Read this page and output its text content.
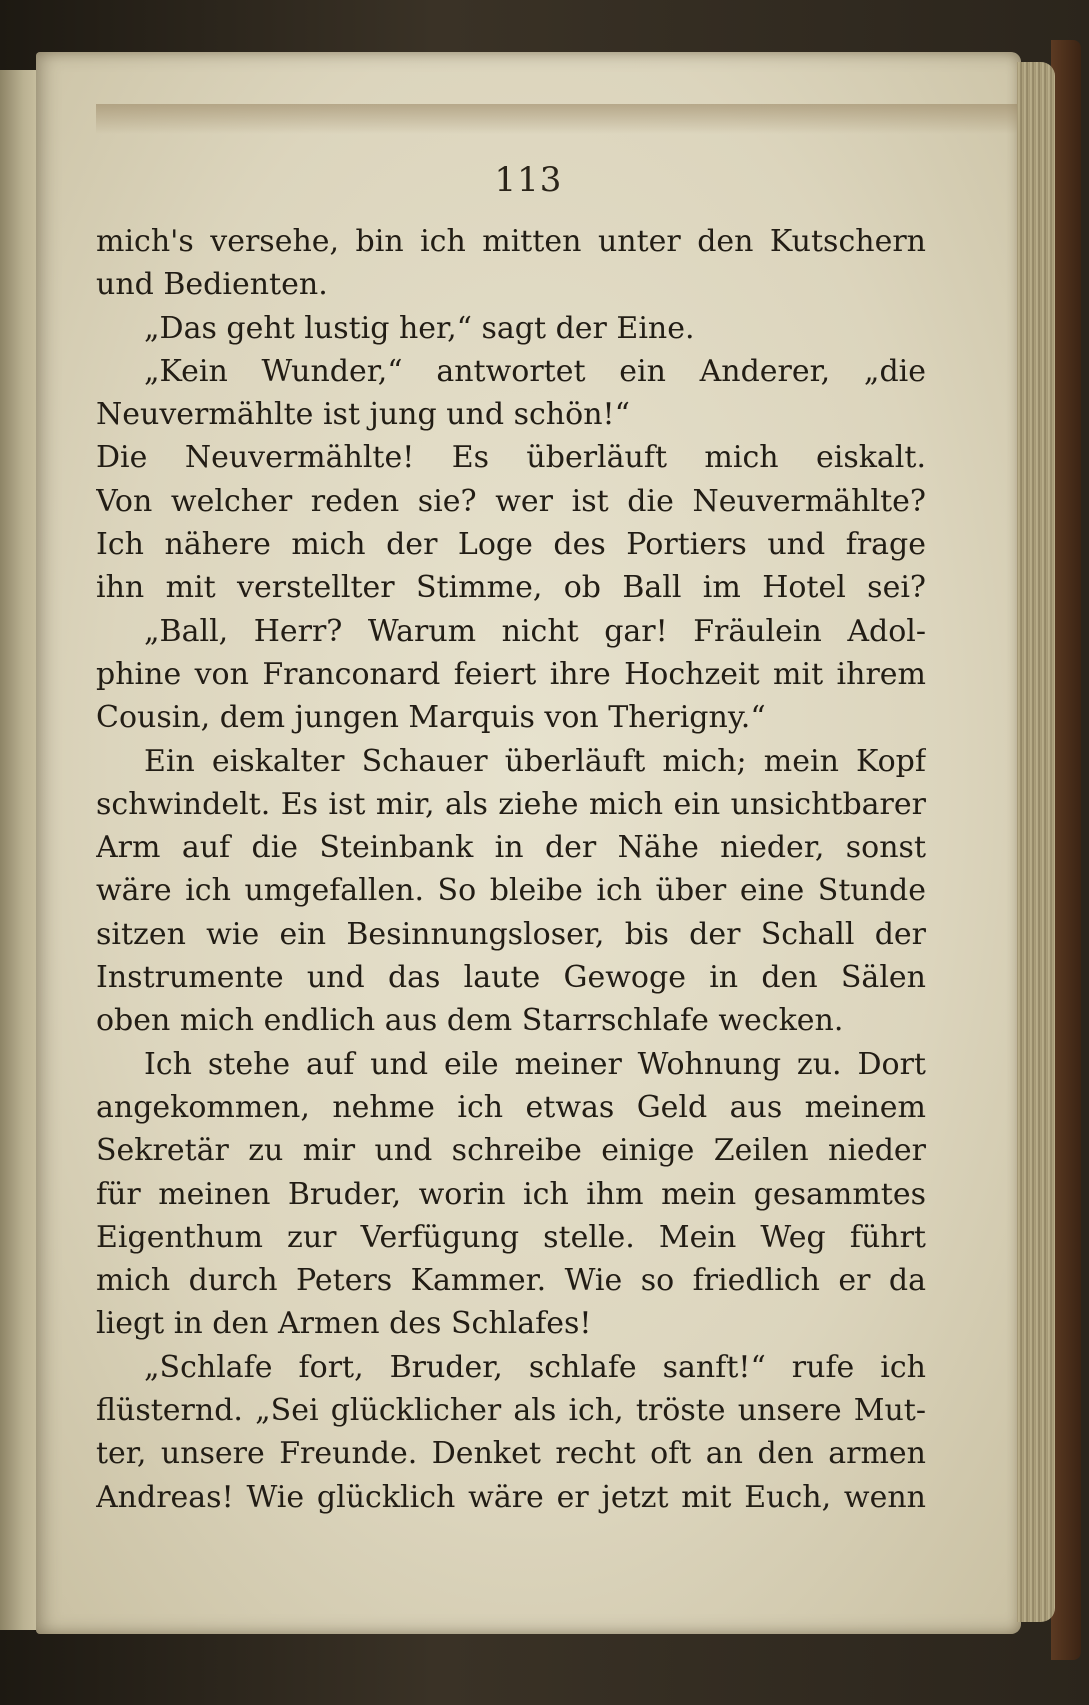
113
mich's versehe, bin ich mitten unter den Kutschern
und Bedienten.
„Das geht lustig her,“ sagt der Eine.
„Kein Wunder,“ antwortet ein Anderer, „die
Neuvermählte ist jung und schön!“
Die Neuvermählte! Es überläuft mich eiskalt.
Von welcher reden sie? wer ist die Neuvermählte?
Ich nähere mich der Loge des Portiers und frage
ihn mit verstellter Stimme, ob Ball im Hotel sei?
„Ball, Herr? Warum nicht gar! Fräulein Adol-
phine von Franconard feiert ihre Hochzeit mit ihrem
Cousin, dem jungen Marquis von Therigny.“
Ein eiskalter Schauer überläuft mich; mein Kopf
schwindelt. Es ist mir, als ziehe mich ein unsichtbarer
Arm auf die Steinbank in der Nähe nieder, sonst
wäre ich umgefallen. So bleibe ich über eine Stunde
sitzen wie ein Besinnungsloser, bis der Schall der
Instrumente und das laute Gewoge in den Sälen
oben mich endlich aus dem Starrschlafe wecken.
Ich stehe auf und eile meiner Wohnung zu. Dort
angekommen, nehme ich etwas Geld aus meinem
Sekretär zu mir und schreibe einige Zeilen nieder
für meinen Bruder, worin ich ihm mein gesammtes
Eigenthum zur Verfügung stelle. Mein Weg führt
mich durch Peters Kammer. Wie so friedlich er da
liegt in den Armen des Schlafes!
„Schlafe fort, Bruder, schlafe sanft!“ rufe ich
flüsternd. „Sei glücklicher als ich, tröste unsere Mut-
ter, unsere Freunde. Denket recht oft an den armen
Andreas! Wie glücklich wäre er jetzt mit Euch, wenn
